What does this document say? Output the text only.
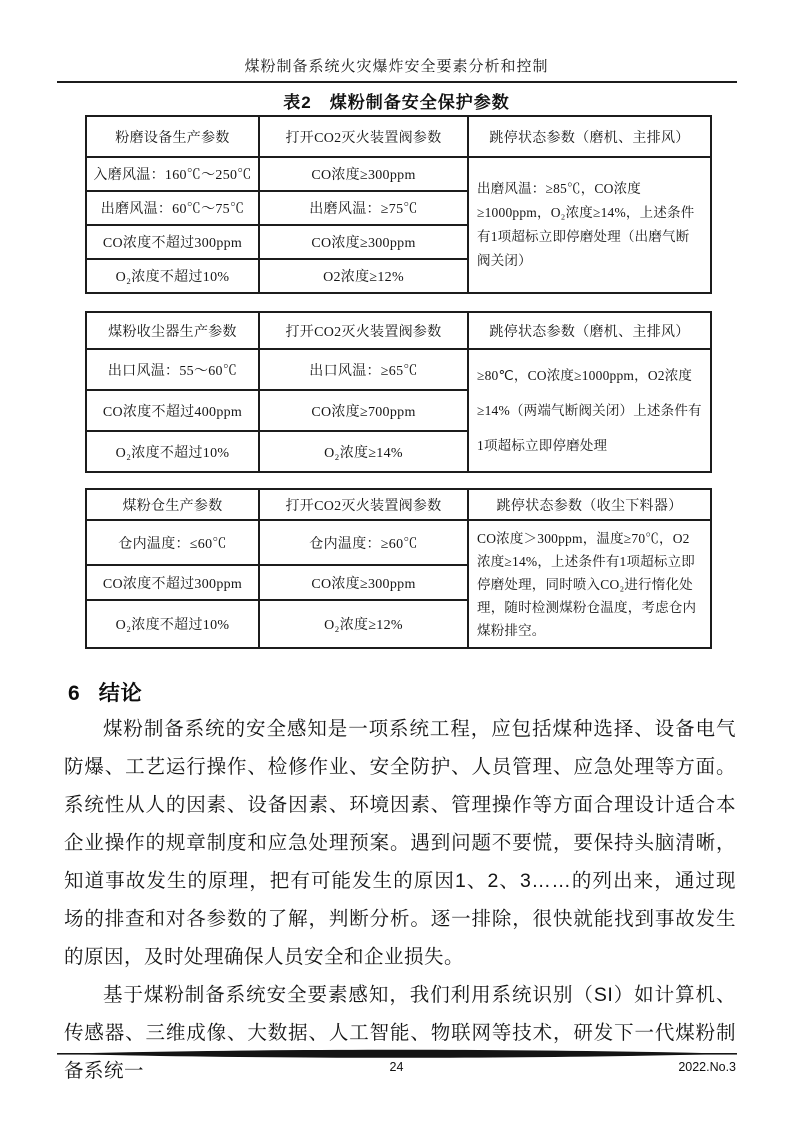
煤粉制备系统火灾爆炸安全要素分析和控制
表2　煤粉制备安全保护参数
粉磨设备生产参数	打开CO2灭火装置阀参数	跳停状态参数（磨机、主排风）
入磨风温：160℃～250℃	CO浓度≥300ppm	出磨风温：≥85℃，CO浓度≥1000ppm，O₂浓度≥14%，上述条件有1项超标立即停磨处理（出磨气断阀关闭）
出磨风温：60℃～75℃	出磨风温：≥75℃	
CO浓度不超过300ppm	CO浓度≥300ppm	
O₂浓度不超过10%	O2浓度≥12%	
煤粉收尘器生产参数	打开CO2灭火装置阀参数	跳停状态参数（磨机、主排风）
出口风温：55～60℃	出口风温：≥65℃	≥80℃，CO浓度≥1000ppm，O2浓度≥14%（两端气断阀关闭）上述条件有1项超标立即停磨处理
CO浓度不超过400ppm	CO浓度≥700ppm	
O₂浓度不超过10%	O₂浓度≥14%	
煤粉仓生产参数	打开CO2灭火装置阀参数	跳停状态参数（收尘下料器）
仓内温度：≤60℃	仓内温度：≥60℃	CO浓度＞300ppm，温度≥70℃，O2浓度≥14%，上述条件有1项超标立即停磨处理，同时喷入CO₂进行惰化处理，随时检测煤粉仓温度，考虑仓内煤粉排空。
CO浓度不超过300ppm	CO浓度≥300ppm	
O₂浓度不超过10%	O₂浓度≥12%	
6 结论

煤粉制备系统的安全感知是一项系统工程，应包括煤种选择、设备电气防爆、工艺运行操作、检修作业、安全防护、人员管理、应急处理等方面。系统性从人的因素、设备因素、环境因素、管理操作等方面合理设计适合本企业操作的规章制度和应急处理预案。遇到问题不要慌，要保持头脑清晰，知道事故发生的原理，把有可能发生的原因1、2、3……的列出来，通过现场的排查和对各参数的了解，判断分析。逐一排除，很快就能找到事故发生的原因，及时处理确保人员安全和企业损失。

基于煤粉制备系统安全要素感知，我们利用系统识别（SI）如计算机、传感器、三维成像、大数据、人工智能、物联网等技术，研发下一代煤粉制备系统一	24	2022.No.3
